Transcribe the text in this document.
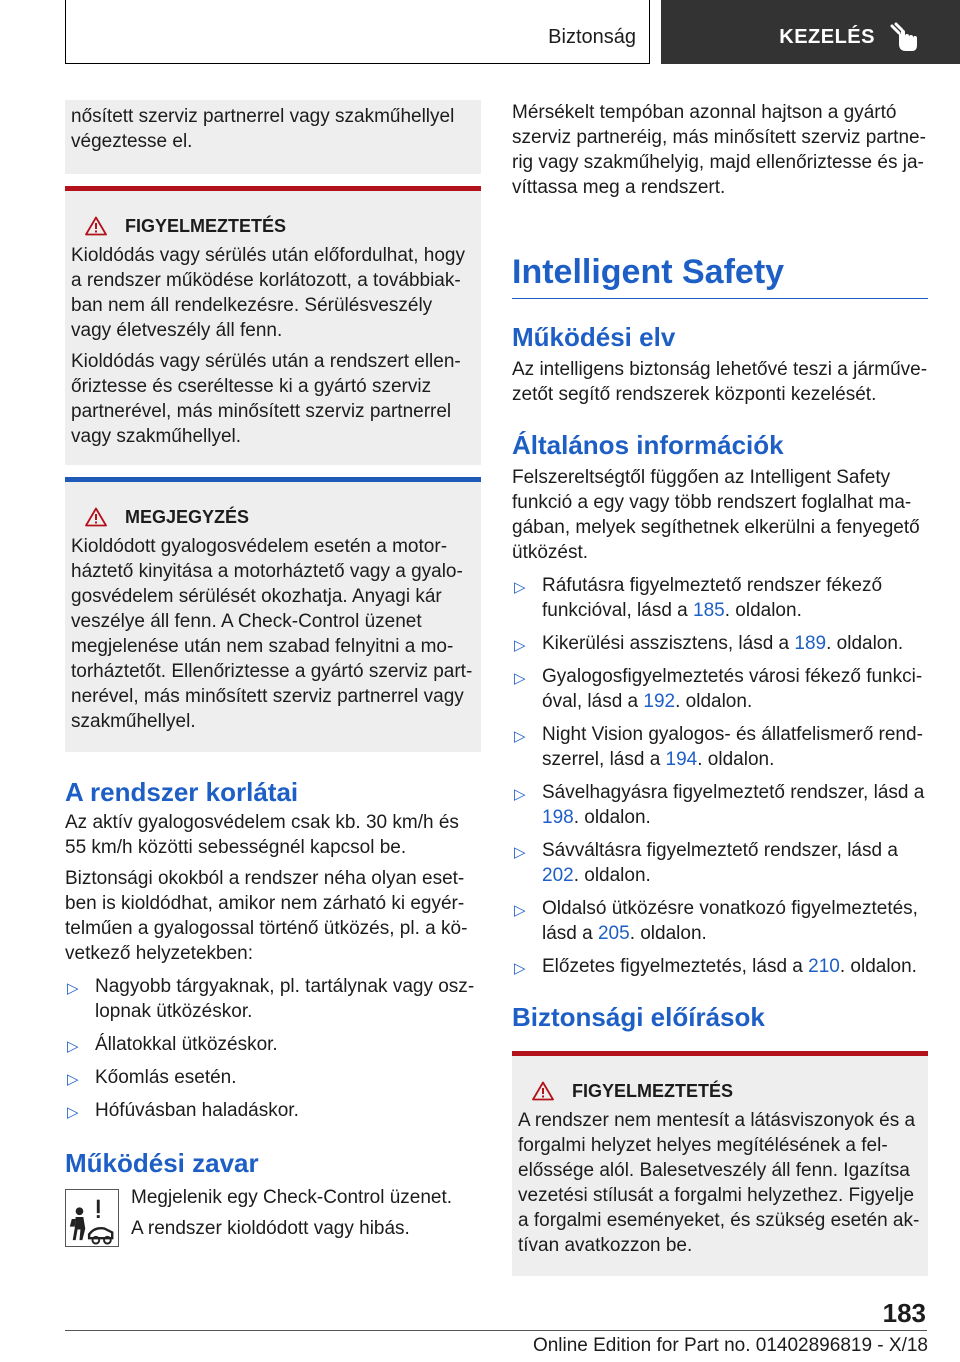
Biztonság	KEZELÉS

nősített szerviz partnerrel vagy szakműhellyel végeztesse el.

FIGYELMEZTETÉS

Kioldódás vagy sérülés után előfordulhat, hogy a rendszer működése korlátozott, a továbbiakban nem áll rendelkezésre. Sérülésveszély vagy életveszély áll fenn.

Kioldódás vagy sérülés után a rendszert ellenőriztesse és cseréltesse ki a gyártó szerviz partnerével, más minősített szerviz partnerrel vagy szakműhellyel.

MEGJEGYZÉS

Kioldódott gyalogosvédelem esetén a motorháztető kinyitása a motorháztető vagy a gyalogosvédelem sérülését okozhatja. Anyagi kár veszélye áll fenn. A Check-Control üzenet megjelenése után nem szabad felnyitni a motorháztetőt. Ellenőriztesse a gyártó szerviz partnerével, más minősített szerviz partnerrel vagy szakműhellyel.

A rendszer korlátai

Az aktív gyalogosvédelem csak kb. 30 km/h és 55 km/h közötti sebességnél kapcsol be.

Biztonsági okokból a rendszer néha olyan esetben is kioldódhat, amikor nem zárható ki egyértelműen a gyalogossal történő ütközés, pl. a következő helyzetekben:

▷ Nagyobb tárgyaknak, pl. tartálynak vagy oszlopnak ütközéskor.
▷ Állatokkal ütközéskor.
▷ Kőomlás esetén.
▷ Hófúvásban haladáskor.
Működési zavar

Megjelenik egy Check-Control üzenet.

A rendszer kioldódott vagy hibás.

Mérsékelt tempóban azonnal hajtson a gyártó szerviz partneréig, más minősített szerviz partnerig vagy szakműhelyig, majd ellenőriztesse és javíttassa meg a rendszert.

Intelligent Safety
Működési elv

Az intelligens biztonság lehetővé teszi a járművezetőt segítő rendszerek központi kezelését.

Általános információk

Felszereltségtől függően az Intelligent Safety funkció a egy vagy több rendszert foglalhat magában, melyek segíthetnek elkerülni a fenyegető ütközést.

▷ Ráfutásra figyelmeztető rendszer fékező funkcióval, lásd a 185. oldalon.
▷ Kikerülési asszisztens, lásd a 189. oldalon.
▷ Gyalogosfigyelmeztetés városi fékező funkcióval, lásd a 192. oldalon.
▷ Night Vision gyalogos- és állatfelismerő rendszerrel, lásd a 194. oldalon.
▷ Sávelhagyásra figyelmeztető rendszer, lásd a 198. oldalon.
▷ Sávváltásra figyelmeztető rendszer, lásd a 202. oldalon.
▷ Oldalsó ütközésre vonatkozó figyelmeztetés, lásd a 205. oldalon.
▷ Előzetes figyelmeztetés, lásd a 210. oldalon.
Biztonsági előírások
FIGYELMEZTETÉS

A rendszer nem mentesít a látásviszonyok és a forgalmi helyzet helyes megítélésének a felelőssége alól. Balesetveszély áll fenn. Igazítsa vezetési stílusát a forgalmi helyzethez. Figyelje a forgalmi eseményeket, és szükség esetén aktívan avatkozzon be.

183
Online Edition for Part no. 01402896819 - X/18
